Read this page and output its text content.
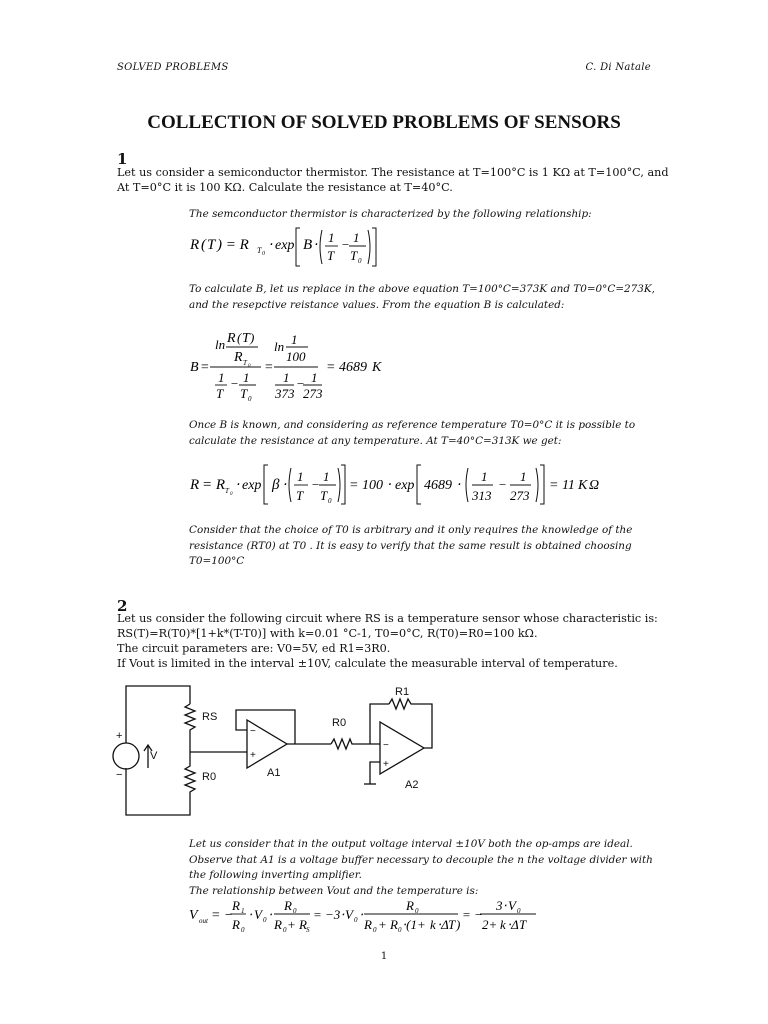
SOLVED PROBLEMS	C. Di Natale
COLLECTION OF SOLVED PROBLEMS OF SENSORS
1
Let us consider a semiconductor thermistor. The resistance at T=100°C is 1 KΩ at T=100°C, and
At T=0°C it is 100 KΩ. Calculate the resistance at T=40°C.
The semconductor thermistor is characterized by the following relationship:
R ( T ) = R T 0
⋅ exp B ⋅
1
T
− 1
T 0
To calculate B, let us replace in the above equation T=100°C=373K and T0=0°C=273K,
and the resepctive reistance values. From the equation B is calculated:
B =
ln R ( T )
R T 0
1
T
− 1
T 0
=
1
ln
100
1
373
− 1
273
= 4689 K
Once B is known, and considering as reference temperature T0=0°C it is possible to
calculate the resistance at any temperature. At T=40°C=313K we get:
R = R T 0
⋅ exp β ⋅
1
T
−
1
T 0
= 100 ⋅ exp 4689 ⋅
1
313
−
1
273
= 11 K Ω
Consider that the choice of T0 is arbitrary and it only requires the knowledge of the
resistance (RT0) at T0 . It is easy to verify that the same result is obtained choosing
T0=100°C
2
Let us consider the following circuit where RS is a temperature sensor whose characteristic is:
RS(T)=R(T0)*[1+k*(T-T0)] with k=0.01 °C-1, T0=0°C, R(T0)=R0=100 kΩ.
The circuit parameters are: V0=5V, ed R1=3R0.
If Vout is limited in the interval ±10V, calculate the measurable interval of temperature.
+
−
V
RS
R0
R0
R1
A1
A2
−
+
−
+
Let us consider that in the output voltage interval ±10V both the op-amps are ideal.
Observe that A1 is a voltage buffer necessary to decouple the n the voltage divider with
the following inverting amplifier.
The relationship between Vout and the temperature is:
V out = −
R 1
R 0
⋅ V 0 ⋅
R 0
R 0 + R S
= −3⋅ V 0 ⋅
R 0
R 0 + R 0 ⋅(1+ k ⋅Δ T )
= −
3⋅ V 0
2+ k ⋅Δ T
1
